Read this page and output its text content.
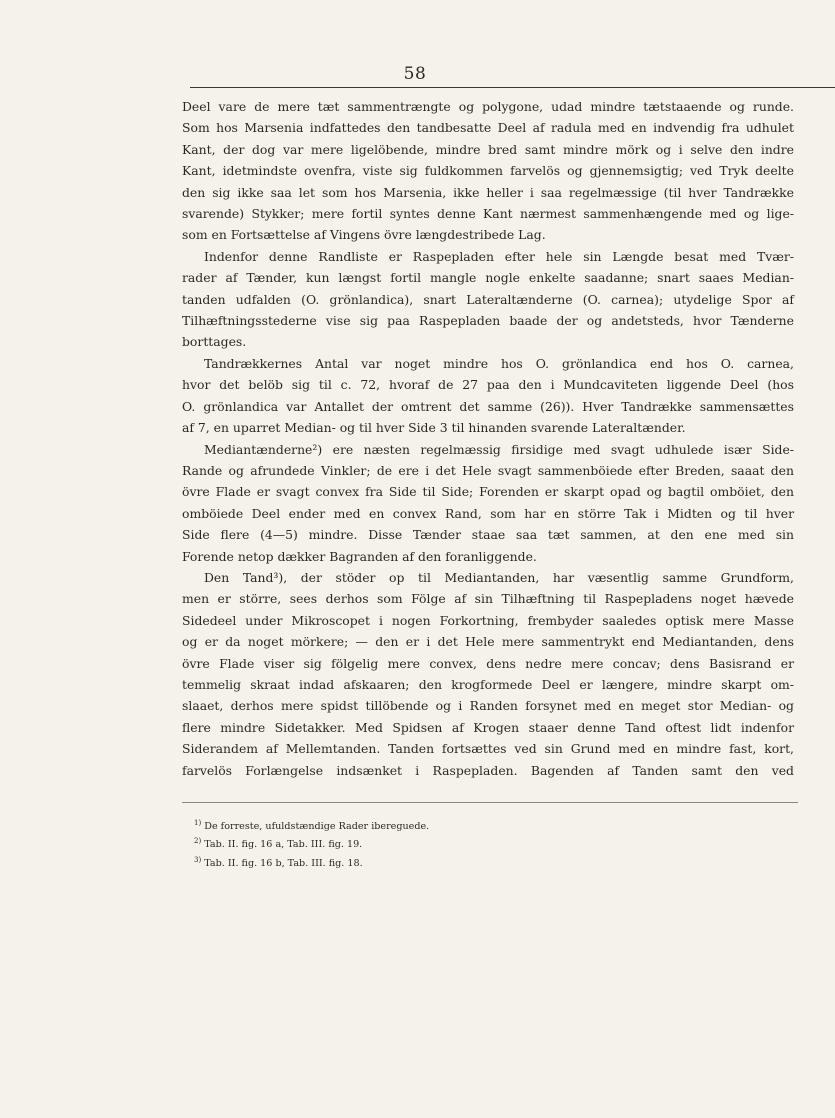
58
Deel vare de mere tæt sammentrængte og polygone, udad mindre tætstaaende og runde.
Som hos Marsenia indfattedes den tandbesatte Deel af radula med en indvendig fra udhulet
Kant, der dog var mere ligelöbende, mindre bred samt mindre mörk og i selve den indre
Kant, idetmindste ovenfra, viste sig fuldkommen farvelös og gjennemsigtig; ved Tryk deelte
den sig ikke saa let som hos Marsenia, ikke heller i saa regelmæssige (til hver Tandrække
svarende) Stykker; mere fortil syntes denne Kant nærmest sammenhængende med og lige-
som en Fortsættelse af Vingens övre længdestribede Lag.
Indenfor denne Randliste er Raspepladen efter hele sin Længde besat med Tvær-
rader af Tænder, kun længst fortil mangle nogle enkelte saadanne; snart saaes Median-
tanden udfalden (O. grönlandica), snart Lateraltænderne (O. carnea); utydelige Spor af
Tilhæftningsstederne vise sig paa Raspepladen baade der og andetsteds, hvor Tænderne
borttages.
Tandrækkernes Antal var noget mindre hos O. grönlandica end hos O. carnea,
hvor det belöb sig til c. 72, hvoraf de 27 paa den i Mundcaviteten liggende Deel (hos
O. grönlandica var Antallet der omtrent det samme (26)). Hver Tandrække sammensættes
af 7, en uparret Median- og til hver Side 3 til hinanden svarende Lateraltænder.
Mediantænderne²) ere næsten regelmæssig firsidige med svagt udhulede især Side-
Rande og afrundede Vinkler; de ere i det Hele svagt sammenböiede efter Breden, saaat den
övre Flade er svagt convex fra Side til Side; Forenden er skarpt opad og bagtil omböiet, den
omböiede Deel ender med en convex Rand, som har en större Tak i Midten og til hver
Side flere (4—5) mindre. Disse Tænder staae saa tæt sammen, at den ene med sin
Forende netop dækker Bagranden af den foranliggende.
Den Tand³), der stöder op til Mediantanden, har væsentlig samme Grundform,
men er större, sees derhos som Fölge af sin Tilhæftning til Raspepladens noget hævede
Sidedeel under Mikroscopet i nogen Forkortning, frembyder saaledes optisk mere Masse
og er da noget mörkere; — den er i det Hele mere sammentrykt end Mediantanden, dens
övre Flade viser sig fölgelig mere convex, dens nedre mere concav; dens Basisrand er
temmelig skraat indad afskaaren; den krogformede Deel er længere, mindre skarpt om-
slaaet, derhos mere spidst tillöbende og i Randen forsynet med en meget stor Median- og
flere mindre Sidetakker. Med Spidsen af Krogen staaer denne Tand oftest lidt indenfor
Siderandem af Mellemtanden. Tanden fortsættes ved sin Grund med en mindre fast, kort,
farvelös Forlængelse indsænket i Raspepladen. Bagenden af Tanden samt den ved
$^{1)}$ De forreste, ufuldstændige Rader ibereguede.
$^{2)}$ Tab. II. fig. 16 a, Tab. III. fig. 19.
$^{3)}$ Tab. II. fig. 16 b, Tab. III. fig. 18.
